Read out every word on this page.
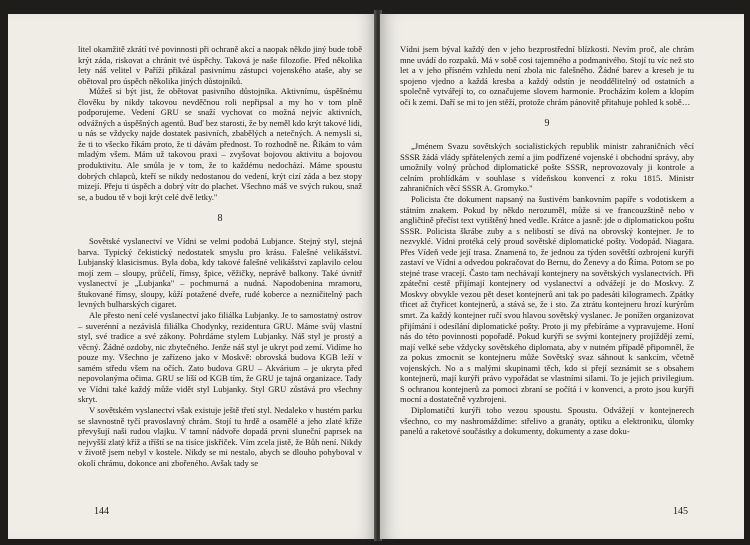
litel okamžitě zkrátí tvé povinnosti při ochraně akcí a naopak někdo jiný bude tobě krýt záda, riskovat a chránit tvé úspěchy. Taková je naše filozofie. Před několika lety náš velitel v Paříži přikázal pasivnímu zástupci vojenského ataše, aby se obětoval pro úspěch několika jiných důstojníků.

Můžeš si být jist, že obětovat pasivního důstojníka. Aktivnímu, úspěšnému člověku by nikdy takovou nevděčnou roli nepřipsal a my ho v tom plně podporujeme. Vedení GRU se snaží vychovat co možná nejvíc aktivních, odvážných a úspěšných agentů. Buď bez starosti, že by neměl kdo krýt takové lidi, u nás se vždycky najde dostatek pasivních, zbabělých a netečných. A nemysli si, že ti to všecko říkám proto, že ti dávám přednost. To rozhodně ne. Říkám to vám mladým všem. Mám už takovou praxi – zvyšovat bojovou aktivitu a bojovou produktivitu. Ale smůla je v tom, že to každému nedochází. Máme spoustu dobrých chlapců, kteří se nikdy nedostanou do vedení, krýt cizí záda a bez stopy mizejí. Přeju ti úspěch a dobrý vítr do plachet. Všechno máš ve svých rukou, snaž se, a budou tě v boji krýt celé dvě letky."

8

Sovětské vyslanectví ve Vídni se velmi podobá Lubjance. Stejný styl, stejná barva. Typický čekistický nedostatek smyslu pro krásu. Falešné velikášství. Lubjanský klasicismus. Byla doba, kdy takové falešné velikášství zaplavilo celou mojí zem – sloupy, průčelí, římsy, špice, věžičky, neprávě balkony. Také úvnitř vyslanectví je „Lubjanka" – pochmurná a nudná. Napodobenina mramoru, štukované římsy, sloupy, kůží potažené dveře, rudé koberce a nezničitelný pach levných bulharských cigaret.

Ale přesto není celé vyslanectví jako filiálka Lubjanky. Je to samostatný ostrov – suverénní a nezávislá filiálka Chodynky, rezidentura GRU. Máme svůj vlastní styl, své tradice a své zákony. Pohrdáme stylem Lubjanky. Náš styl je prostý a věcný. Žádné ozdoby, nic zbytečného. Jenže náš styl je ukryt pod zemí. Vidíme ho pouze my. Všechno je zařízeno jako v Moskvě: obrovská budova KGB leží v samém středu všem na očích. Zato budova GRU – Akvárium – je ukryta před nepovolanýma očima. GRU se líší od KGB tím, že GRU je tajná organizace. Tady ve Vídni také každý může vidět styl Lubjanky. Styl GRU zůstává pro všechny skryt.

V sovětském vyslanectví však existuje ještě třetí styl. Nedaleko v hustém parku se slavnostně tyčí pravoslavný chrám. Stojí tu hrdě a osamělé a jeho zlaté kříže převyšují naši rudou vlajku. V tamní nádvoře dopadá prvni sluneční paprsek na nejvyšší zlatý kříž a tříští se na tisíce jiskřiček. Vím zcela jistě, že Bůh není. Nikdy v životě jsem nebyl v kostele. Nikdy se mi nestalo, abych se dlouho pohyboval v okolí chrámu, dokonce ani zbořeného. Avšak tady se

144

Vídni jsem býval každý den v jeho bezprostřední blízkosti. Nevím proč, ale chrám mne uvádí do rozpaků. Má v sobě cosi tajemného a podmanivého. Stojí tu víc než sto let a v jeho přísném vzhledu není zbola nic falešného. Žádné barev a kreseb je tu spojeno vjedno a každá kresba a každý odstín je neoddělitelný od ostatních a společně vytvářejí to, co označujeme slovem harmonie. Procházím kolem a klopím oči k zemi. Daří se mi to jen stěží, protože chrám pánovitě přitahuje pohled k sobě…

9

„Jménem Svazu sovětských socialistických republik ministr zahraničních věcí SSSR žádá vlády spřátelených zemí a jim podřízené vojenské i obchodní správy, aby umožnily volný průchod diplomatické pošte SSSR, neprovozovaly ji kontrole a celním prohlídkám v souhlase s vídeňskou konvencí z roku 1815. Ministr zahraničních věcí SSSR A. Gromyko."

Policista čte dokument napsaný na šustivém bankovním papíře s vodotiskem a státním znakem. Pokud by někdo nerozuměl, může si ve francouzštině nebo v angličtině přečíst text vytištěný hned vedle. Krátce a jasně: jde o diplomatickou poštu SSSR. Policista škrábe zuby a s nelibostí se dívá na obrovský kontejner. Je to nezvyklé. Vídni protéká celý proud sovětské diplomatické pošty. Vodopád. Niagara. Přes Vídeň vede její trasa. Znamená to, že jednou za týden sovětští ozbrojení kurýři zastaví ve Vídni a odvedou pokračovat do Bernu, do Ženevy a do Říma. Potom se po stejné trase vracejí. Často tam nechávají kontejnery na sovětských vyslanectvích. Při zpáteční cestě přijímají kontejnery od vyslanectví a odvážejí je do Moskvy. Z Moskvy obvykle vezou pět deset kontejnerů ani tak po padesáti kilogramech. Zpátky třicet až čtyřicet kontejnerů, a stává se, že i sto. Za ztrátu kontejneru hrozí kurýrům smrt. Za každý kontejner ručí svou hlavou sovětský vyslanec. Je ponížen organizovat přijímání i odesílání diplomatické pošty. Proto ji my přebíráme a vypravujeme. Honí nás do této povinnosti popořadě. Pokud kurýři se svými kontejnery projíždějí zemí, mají velké sebe vždycky sovětského diplomata, aby v nutném případě připomněl, že za pokus zmocnit se kontejneru může Sovětský svaz sáhnout k sankcím, včetně vojenských. No a s malými skupinami těch, kdo si přejí seznámit se s obsahem kontejnerů, mají kurýři právo vypořádat se vlastními silami. To je jejich privilegium. S ochranou kontejnerů za pomoci zbraní se počítá i v konvenci, a proto jsou kurýři mocní a dostatečně vyzbrojeni.

Diplomatičtí kurýři tobo vezou spoustu. Spoustu. Odvážejí v kontejnerech všechno, co my nashromáždíme: střelivo a granáty, optiku a elektroniku, úlomky panelů a raketové součástky a dokumenty, dokumenty a zase doku-

145
